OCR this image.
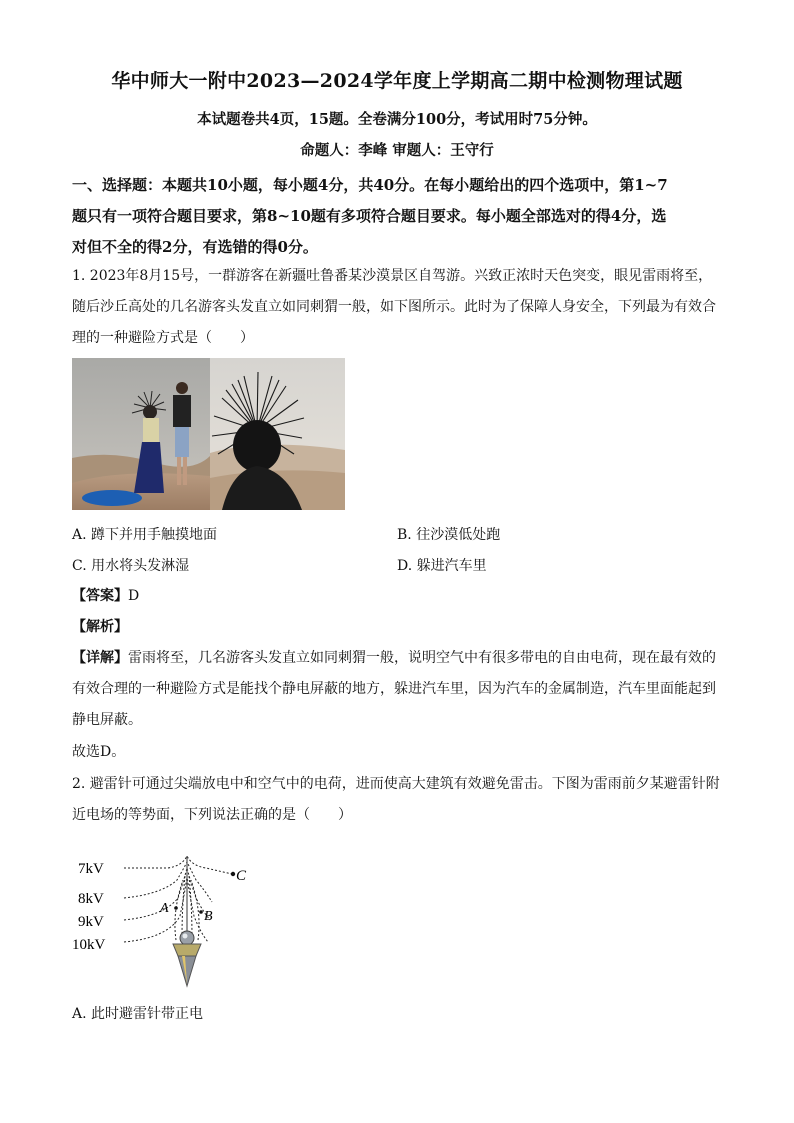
华中师大一附中2023—2024学年度上学期高二期中检测物理试题
本试题卷共4页，15题。全卷满分100分，考试用时75分钟。
命题人：李峰 审题人：王守行
一、选择题：本题共10小题，每小题4分，共40分。在每小题给出的四个选项中，第1~7
题只有一项符合题目要求，第8~10题有多项符合题目要求。每小题全部选对的得4分，选
对但不全的得2分，有选错的得0分。
1. 2023年8月15号，一群游客在新疆吐鲁番某沙漠景区自驾游。兴致正浓时天色突变，眼见雷雨将至，
随后沙丘高处的几名游客头发直立如同刺猬一般，如下图所示。此时为了保障人身安全，下列最为有效合
理的一种避险方式是（　　）
A. 蹲下并用手触摸地面	B. 往沙漠低处跑
C. 用水将头发淋湿	D. 躲进汽车里
【答案】D
【解析】
【详解】雷雨将至，几名游客头发直立如同刺猬一般，说明空气中有很多带电的自由电荷，现在最有效的
有效合理的一种避险方式是能找个静电屏蔽的地方，躲进汽车里，因为汽车的金属制造，汽车里面能起到
静电屏蔽。
故选D。
2. 避雷针可通过尖端放电中和空气中的电荷，进而使高大建筑有效避免雷击。下图为雷雨前夕某避雷针附
近电场的等势面，下列说法正确的是（　　）
7kV
8kV
9kV
10kV
C
A
B
A. 此时避雷针带正电
